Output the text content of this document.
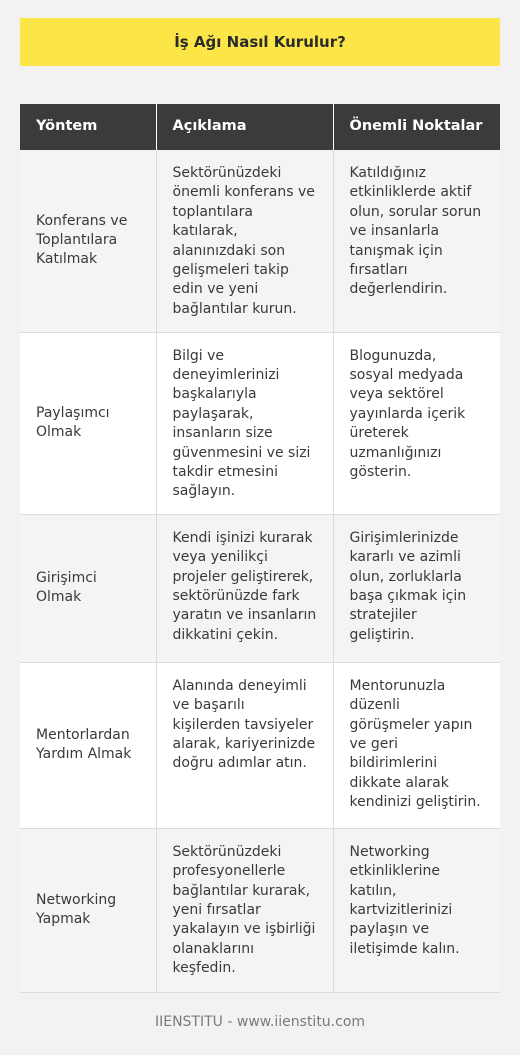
İş Ağı Nasıl Kurulur?
Yöntem	Açıklama	Önemli Noktalar
Konferans ve Toplantılara Katılmak	Sektörünüzdeki önemli konferans ve toplantılara katılarak, alanınızdaki son gelişmeleri takip edin ve yeni bağlantılar kurun.	Katıldığınız etkinliklerde aktif olun, sorular sorun ve insanlarla tanışmak için fırsatları değerlendirin.
Paylaşımcı Olmak	Bilgi ve deneyimlerinizi başkalarıyla paylaşarak, insanların size güvenmesini ve sizi takdir etmesini sağlayın.	Blogunuzda, sosyal medyada veya sektörel yayınlarda içerik üreterek uzmanlığınızı gösterin.
Girişimci Olmak	Kendi işinizi kurarak veya yenilikçi projeler geliştirerek, sektörünüzde fark yaratın ve insanların dikkatini çekin.	Girişimlerinizde kararlı ve azimli olun, zorluklarla başa çıkmak için stratejiler geliştirin.
Mentorlardan Yardım Almak	Alanında deneyimli ve başarılı kişilerden tavsiyeler alarak, kariyerinizde doğru adımlar atın.	Mentorunuzla düzenli görüşmeler yapın ve geri bildirimlerini dikkate alarak kendinizi geliştirin.
Networking Yapmak	Sektörünüzdeki profesyonellerle bağlantılar kurarak, yeni fırsatlar yakalayın ve işbirliği olanaklarını keşfedin.	Networking etkinliklerine katılın, kartvizitlerinizi paylaşın ve iletişimde kalın.
IIENSTITU - www.iienstitu.com
